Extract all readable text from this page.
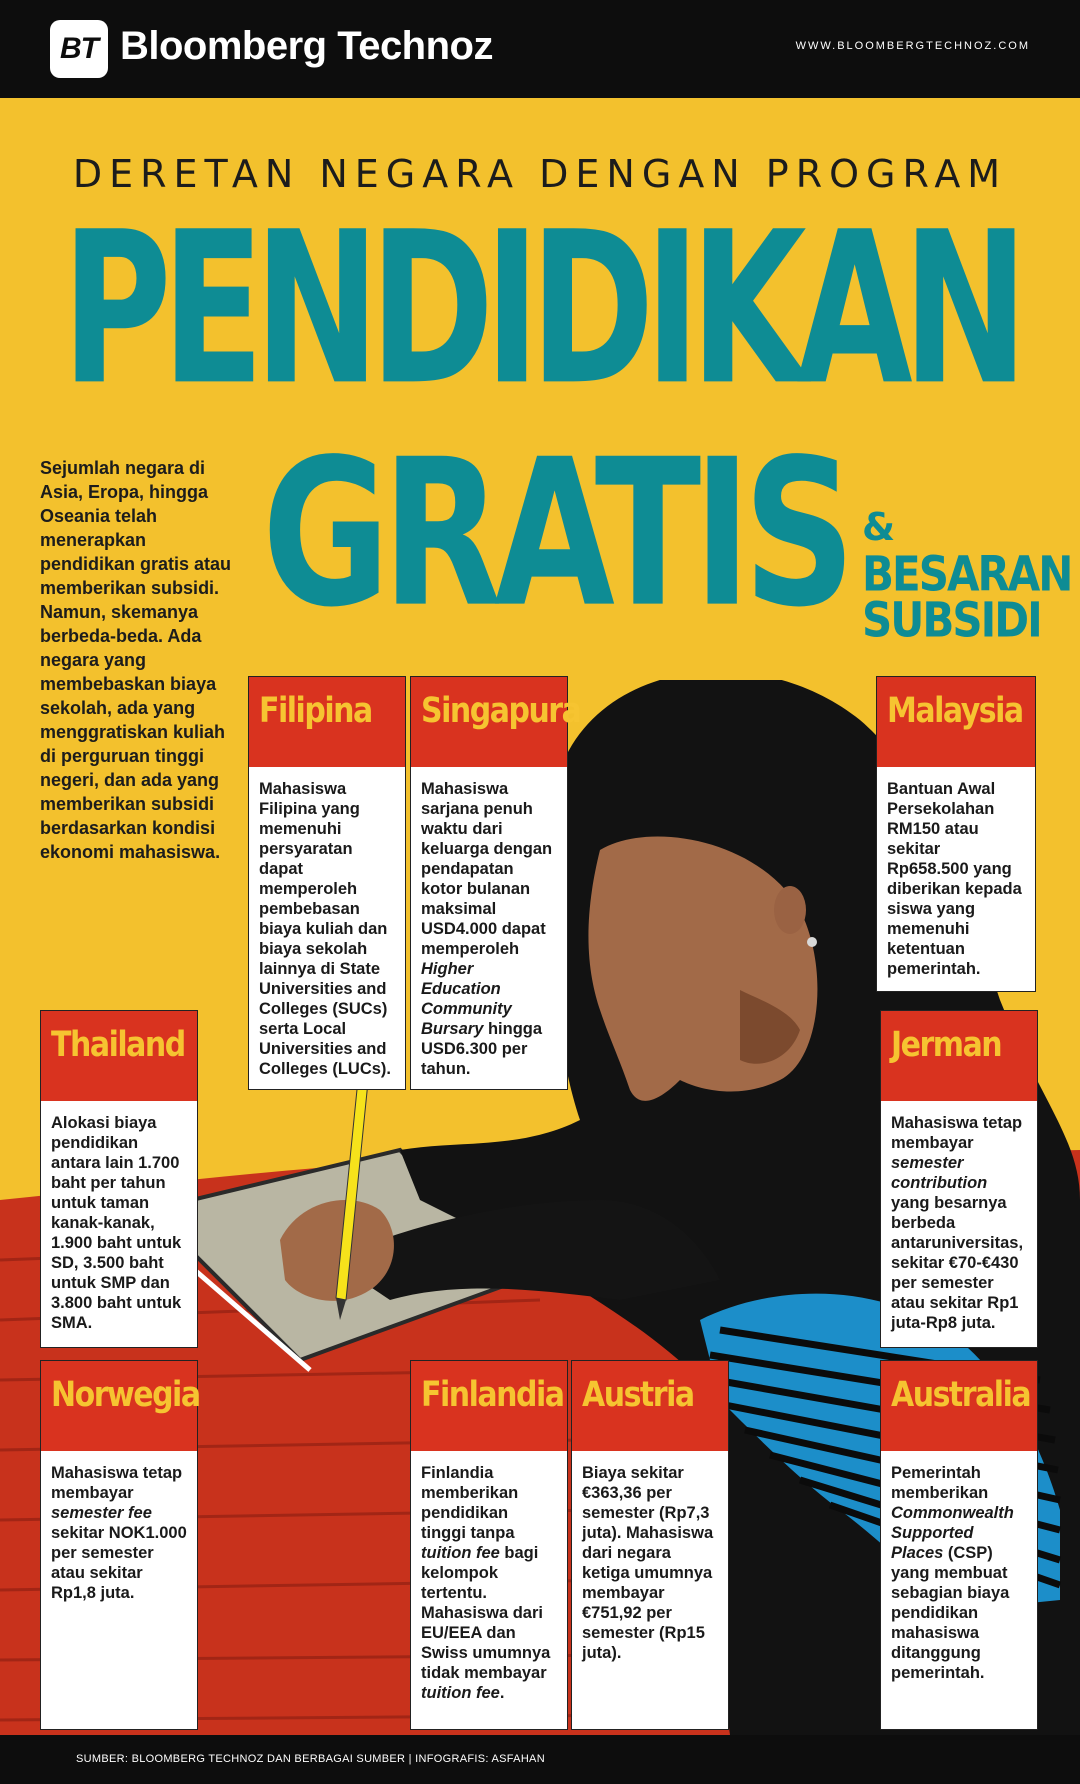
BT Bloomberg Technoz	WWW.BLOOMBERGTECHNOZ.COM
DERETAN NEGARA DENGAN PROGRAM
PENDIDIKAN
GRATIS &
BESARAN
SUBSIDI

Sejumlah negara di Asia, Eropa, hingga Oseania telah menerapkan pendidikan gratis atau memberikan subsidi. Namun, skemanya berbeda-beda. Ada negara yang membebaskan biaya sekolah, ada yang menggratiskan kuliah di perguruan tinggi negeri, dan ada yang memberikan subsidi berdasarkan kondisi ekonomi mahasiswa.

Filipina
Mahasiswa Filipina yang memenuhi persyaratan dapat memperoleh pembebasan biaya kuliah dan biaya sekolah lainnya di State Universities and Colleges (SUCs) serta Local Universities and Colleges (LUCs).
Singapura
Mahasiswa sarjana penuh waktu dari keluarga dengan pendapatan kotor bulanan maksimal USD4.000 dapat memperoleh Higher Education Community Bursary hingga USD6.300 per tahun.
Malaysia
Bantuan Awal Persekolahan RM150 atau sekitar Rp658.500 yang diberikan kepada siswa yang memenuhi ketentuan pemerintah.
Thailand
Alokasi biaya pendidikan antara lain 1.700 baht per tahun untuk taman kanak-kanak, 1.900 baht untuk SD, 3.500 baht untuk SMP dan 3.800 baht untuk SMA.
Jerman
Mahasiswa tetap membayar semester contribution yang besarnya berbeda antaruniversitas, sekitar €70-€430 per semester atau sekitar Rp1 juta-Rp8 juta.
Norwegia
Mahasiswa tetap membayar semester fee sekitar NOK1.000 per semester atau sekitar Rp1,8 juta.
Finlandia
Finlandia memberikan pendidikan tinggi tanpa tuition fee bagi kelompok tertentu. Mahasiswa dari EU/EEA dan Swiss umumnya tidak membayar tuition fee.
Austria
Biaya sekitar €363,36 per semester (Rp7,3 juta). Mahasiswa dari negara ketiga umumnya membayar €751,92 per semester (Rp15 juta).
Australia
Pemerintah memberikan Commonwealth Supported Places (CSP) yang membuat sebagian biaya pendidikan mahasiswa ditanggung pemerintah.
SUMBER: BLOOMBERG TECHNOZ DAN BERBAGAI SUMBER | INFOGRAFIS: ASFAHAN
